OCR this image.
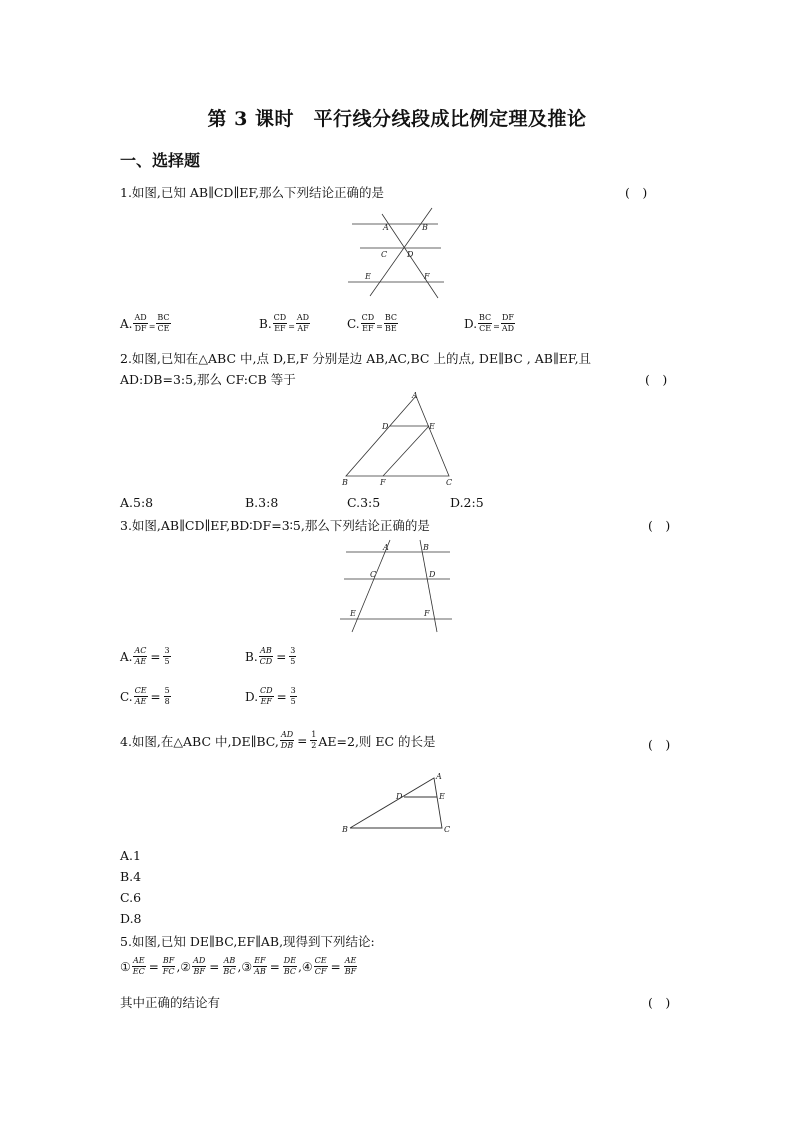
第 3 课时　平行线分线段成比例定理及推论
一、选择题
1.如图,已知 AB∥CD∥EF,那么下列结论正确的是	(　)
A	B
C D
E	F
A. $\frac{AD}{DF} = \frac{BC}{CE}$	B. $\frac{CD}{EF} = \frac{AD}{AF}$	C. $\frac{CD}{EF} = \frac{BC}{BE}$	D. $\frac{BC}{CE} = \frac{DF}{AD}$
2.如图,已知在△ABC 中,点 D,E,F 分别是边 AB,AC,BC 上的点, DE∥BC , AB∥EF,且
AD:DB=3:5,那么 CF:CB 等于	(　)
A
D	E
B	F	C
A.5:8	B.3:8	C.3:5	D.2:5
3.如图,AB∥CD∥EF,BD∶DF=3∶5,那么下列结论正确的是	(　)
A	B
C	D
E	F
A. $\frac{AC}{AE} = \frac{3}{5}$	B. $\frac{AB}{CD} = \frac{3}{5}$
C. $\frac{CE}{AE} = \frac{5}{8}$	D. $\frac{CD}{EF} = \frac{3}{5}$
4.如图,在△ABC 中,DE∥BC, $\frac{AD}{DB} = \frac{1}{2} AE=2$,则 EC 的长是	(　)
A
D	E
B	C
A.1
B.4
C.6
D.8
5.如图,已知 DE∥BC,EF∥AB,现得到下列结论:
① $\frac{AE}{EC} = \frac{BF}{FC}$ , ② $\frac{AD}{BF} = \frac{AB}{BC}$ , ③ $\frac{EF}{AB} = \frac{DE}{BC}$ , ④ $\frac{CE}{CF} = \frac{AE}{BF}$
其中正确的结论有	(　)
